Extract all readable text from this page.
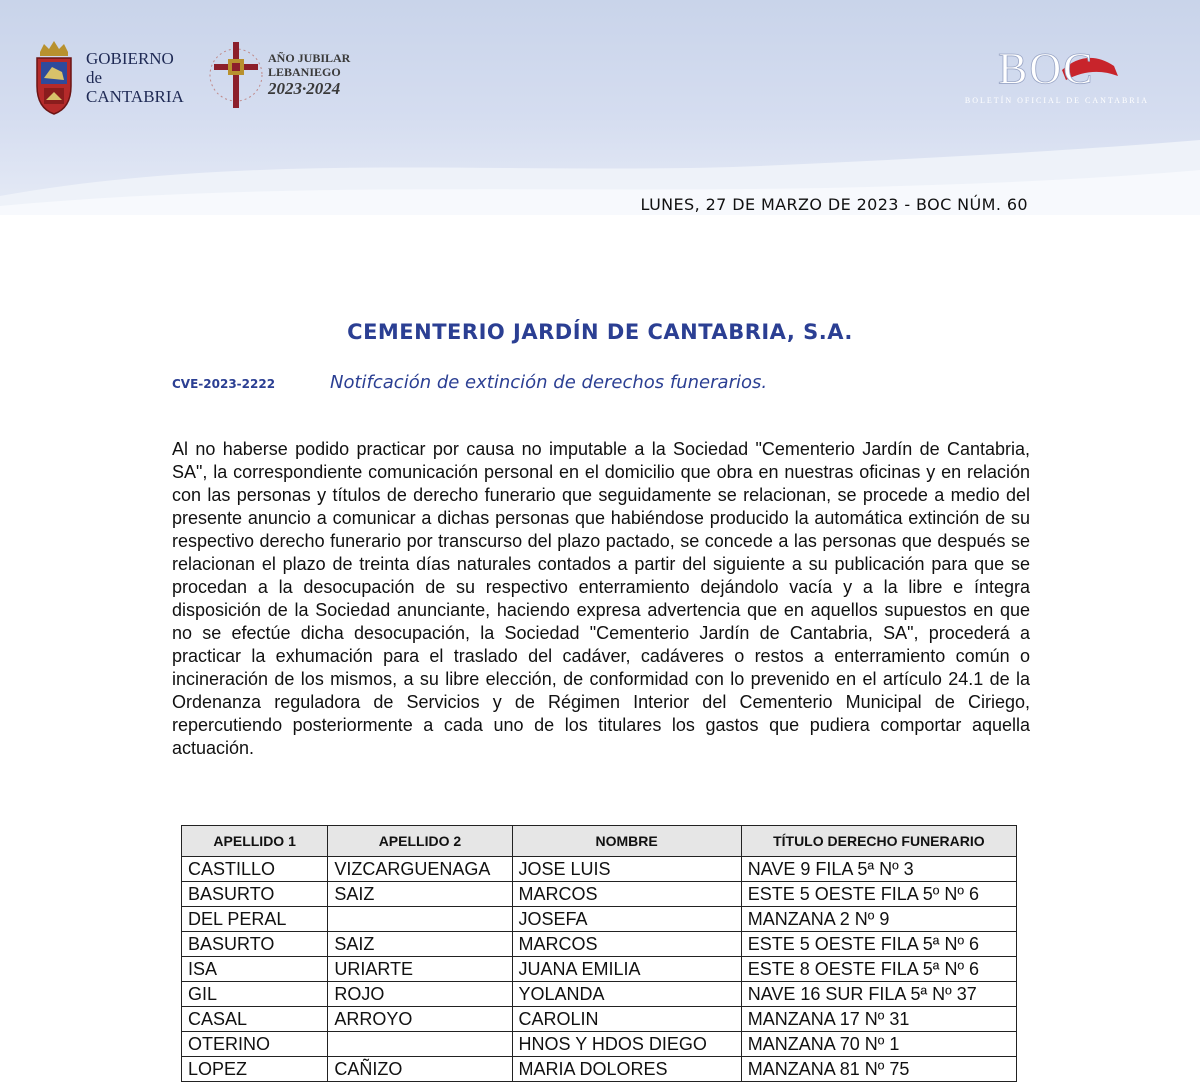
GOBIERNO
de
CANTABRIA
AÑO JUBILAR
LEBANIEGO
2023·2024	BOC
BOLETÍN OFICIAL DE CANTABRIA
LUNES, 27 DE MARZO DE 2023 - BOC NÚM. 60
CEMENTERIO JARDÍN DE CANTABRIA, S.A.
CVE-2023-2222	Notifcación de extinción de derechos funerarios.

Al no haberse podido practicar por causa no imputable a la Sociedad "Cementerio Jardín de Cantabria, SA", la correspondiente comunicación personal en el domicilio que obra en nuestras oficinas y en relación con las personas y títulos de derecho funerario que seguidamente se relacionan, se procede a medio del presente anuncio a comunicar a dichas personas que habiéndose producido la automática extinción de su respectivo derecho funerario por transcurso del plazo pactado, se concede a las personas que después se relacionan el plazo de treinta días naturales contados a partir del siguiente a su publicación para que se procedan a la desocupación de su respectivo enterramiento dejándolo vacía y a la libre e íntegra disposición de la Sociedad anunciante, haciendo expresa advertencia que en aquellos supuestos en que no se efectúe dicha desocupación, la Sociedad "Cementerio Jardín de Cantabria, SA", procederá a practicar la exhumación para el traslado del cadáver, cadáveres o restos a enterramiento común o incineración de los mismos, a su libre elección, de conformidad con lo prevenido en el artículo 24.1 de la Ordenanza reguladora de Servicios y de Régimen Interior del Cementerio Municipal de Ciriego, repercutiendo posteriormente a cada uno de los titulares los gastos que pudiera comportar aquella actuación.

APELLIDO 1	APELLIDO 2	NOMBRE	TÍTULO DERECHO FUNERARIO
CASTILLO	VIZCARGUENAGA	JOSE LUIS	NAVE 9 FILA 5ª Nº 3
BASURTO	SAIZ	MARCOS	ESTE 5 OESTE FILA 5º Nº 6
DEL PERAL		JOSEFA	MANZANA 2 Nº 9
BASURTO	SAIZ	MARCOS	ESTE 5 OESTE FILA 5ª Nº 6
ISA	URIARTE	JUANA EMILIA	ESTE 8 OESTE FILA 5ª Nº 6
GIL	ROJO	YOLANDA	NAVE 16 SUR FILA 5ª Nº 37
CASAL	ARROYO	CAROLIN	MANZANA 17 Nº 31
OTERINO		HNOS Y HDOS DIEGO	MANZANA 70 Nº 1
LOPEZ	CAÑIZO	MARIA DOLORES	MANZANA 81 Nº 75
